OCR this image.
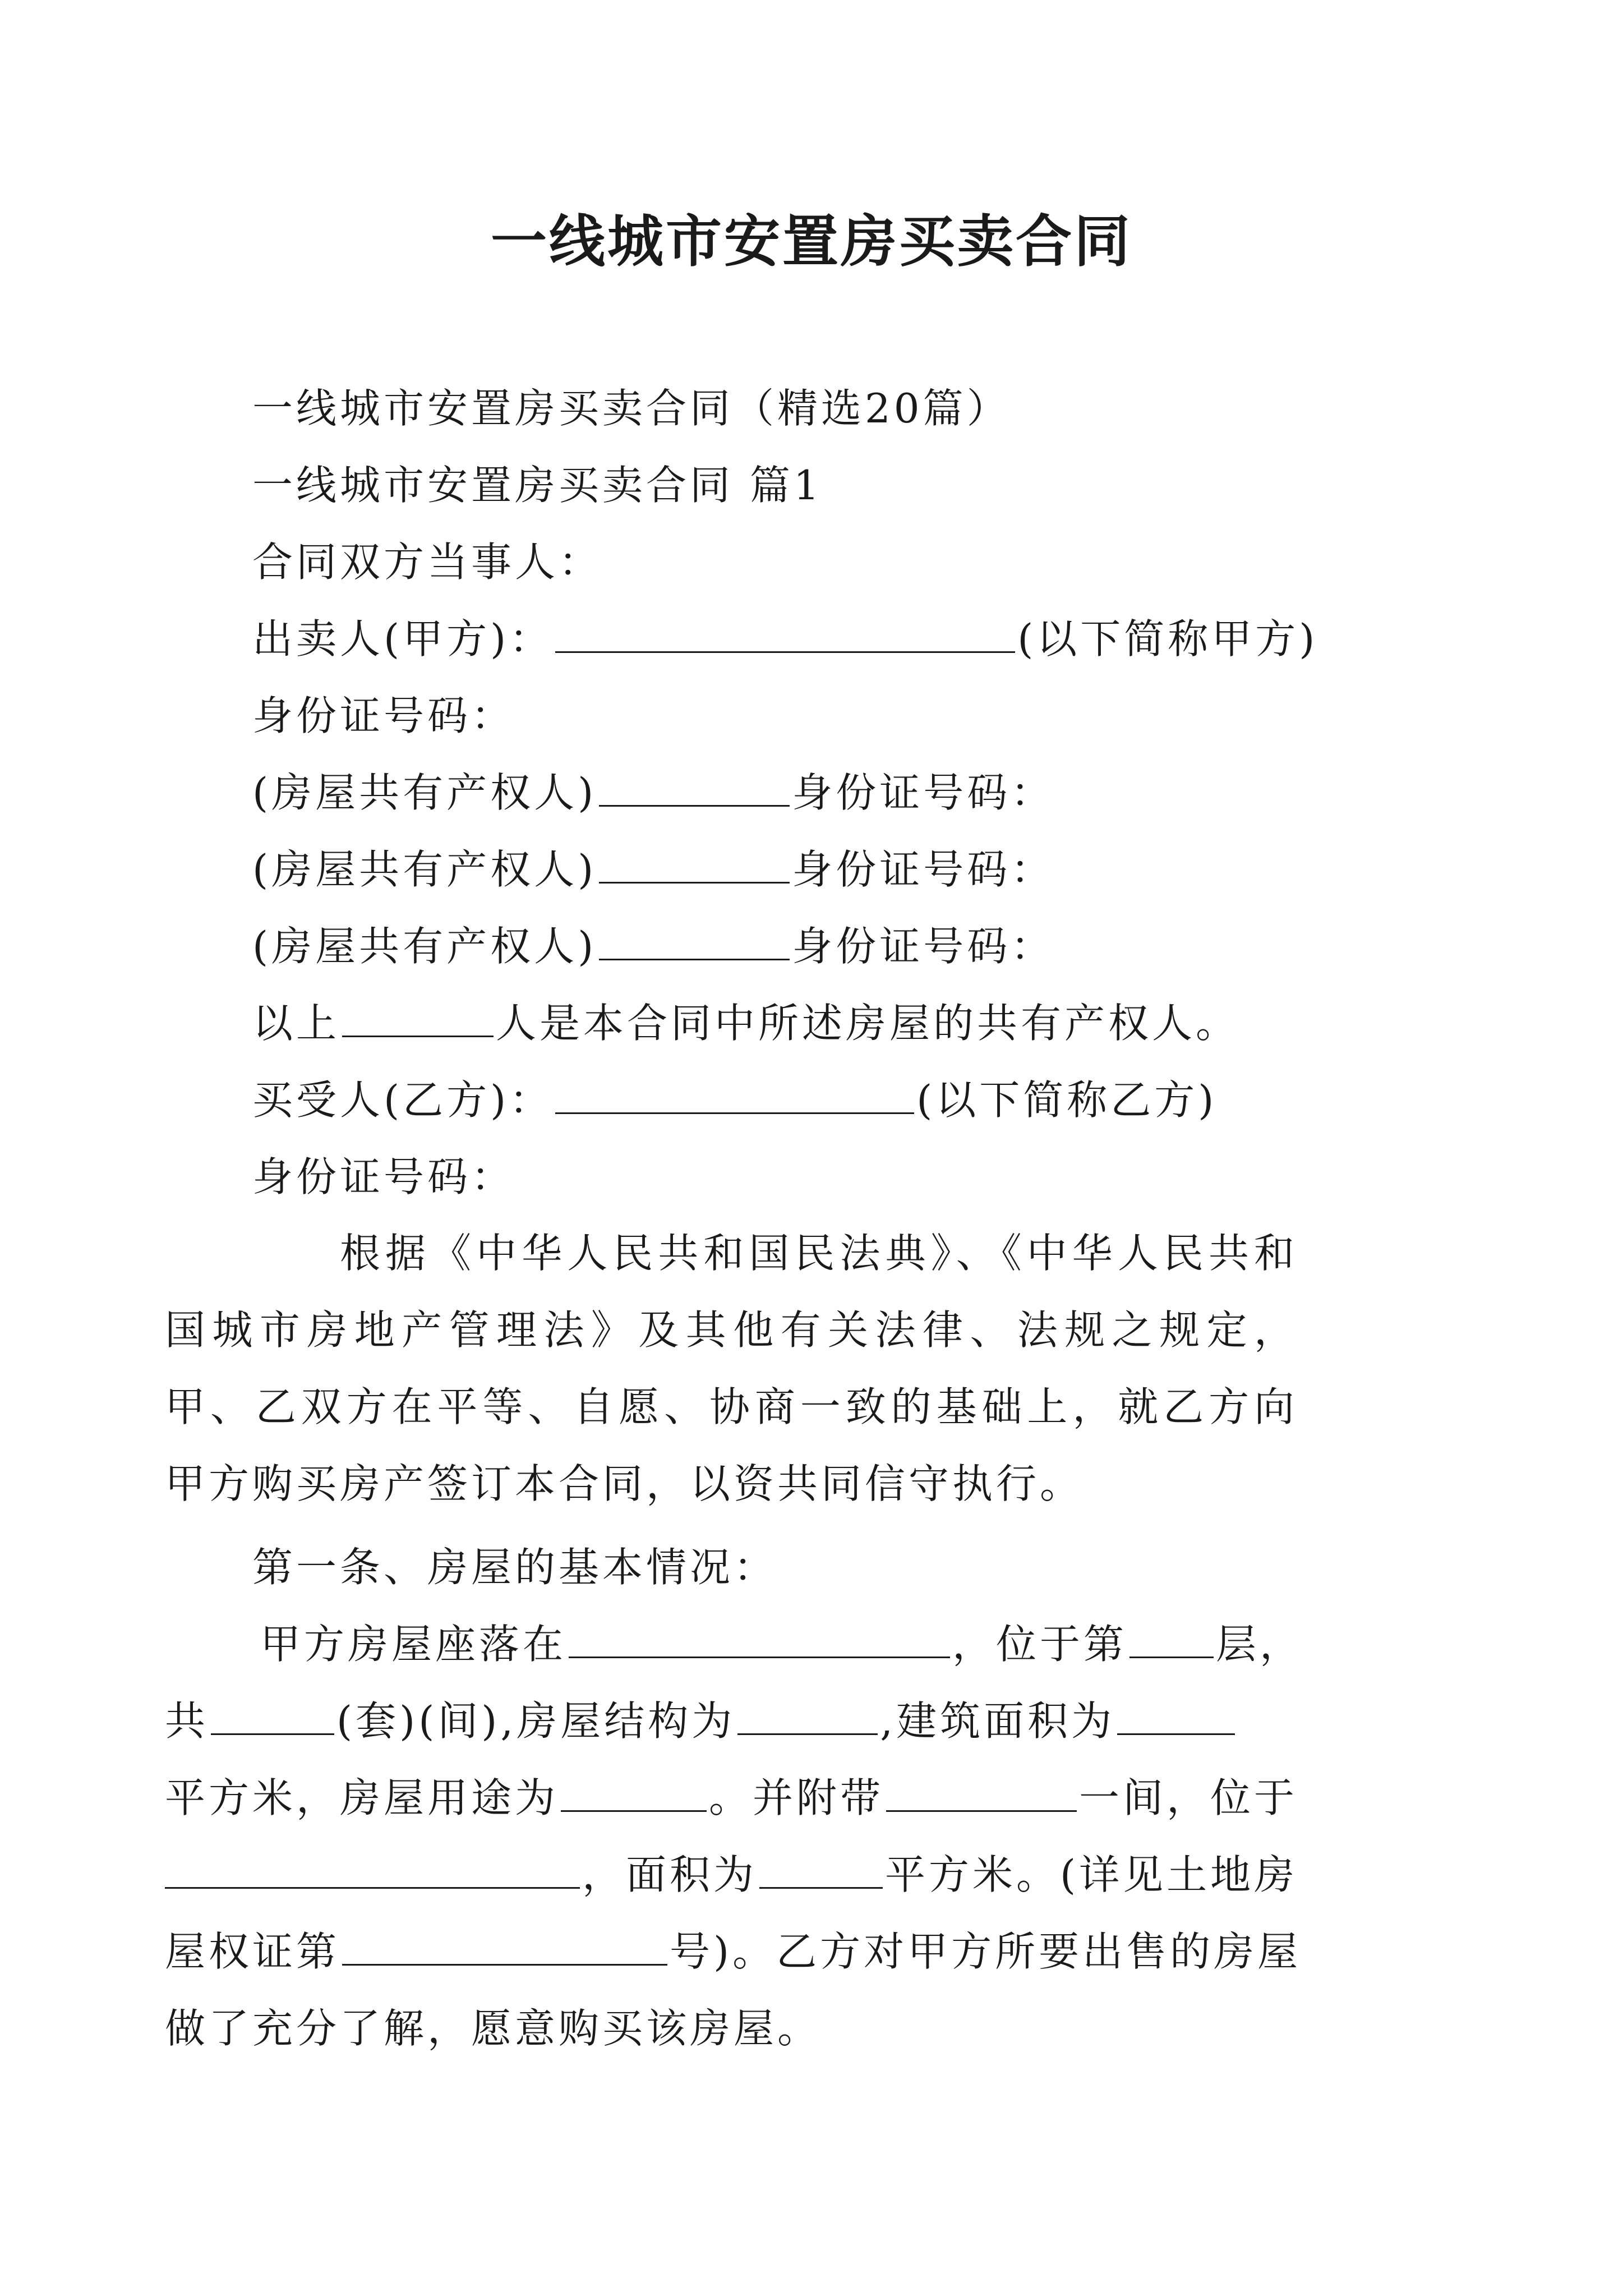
一线城市安置房买卖合同

一线城市安置房买卖合同（精选20篇）

一线城市安置房买卖合同 篇1

合同双方当事人：

出卖人(甲方)：	(以下简称甲方)

身份证号码：

(房屋共有产权人)	身份证号码：

(房屋共有产权人)	身份证号码：

(房屋共有产权人)	身份证号码：

以上	人是本合同中所述房屋的共有产权人。

买受人(乙方)：	(以下简称乙方)

身份证号码：

根据《中华人民共和国民法典》、《中华人民共和国城市房地产管理法》及其他有关法律、法规之规定，甲、乙双方在平等、自愿、协商一致的基础上，就乙方向甲方购买房产签订本合同，以资共同信守执行。

第一条、房屋的基本情况：

甲方房屋座落在	，位于第 层，

共	(套)(间),房屋结构为	,建筑面积为

平方米，房屋用途为	。并附带	一间，位于

，面积为	平方米。(详见土地房

屋权证第	号)。乙方对甲方所要出售的房屋

做了充分了解，愿意购买该房屋。
